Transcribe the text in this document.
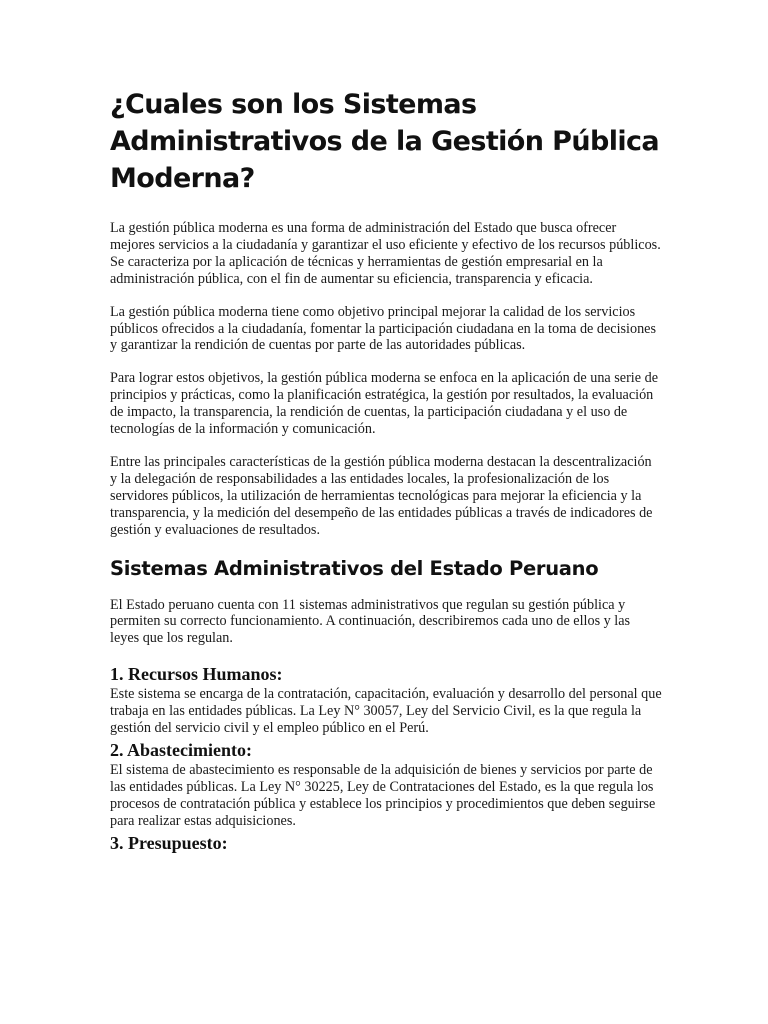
¿Cuales son los Sistemas Administrativos de la Gestión Pública Moderna?

La gestión pública moderna es una forma de administración del Estado que busca ofrecer mejores servicios a la ciudadanía y garantizar el uso eficiente y efectivo de los recursos públicos. Se caracteriza por la aplicación de técnicas y herramientas de gestión empresarial en la administración pública, con el fin de aumentar su eficiencia, transparencia y eficacia.

La gestión pública moderna tiene como objetivo principal mejorar la calidad de los servicios públicos ofrecidos a la ciudadanía, fomentar la participación ciudadana en la toma de decisiones y garantizar la rendición de cuentas por parte de las autoridades públicas.

Para lograr estos objetivos, la gestión pública moderna se enfoca en la aplicación de una serie de principios y prácticas, como la planificación estratégica, la gestión por resultados, la evaluación de impacto, la transparencia, la rendición de cuentas, la participación ciudadana y el uso de tecnologías de la información y comunicación.

Entre las principales características de la gestión pública moderna destacan la descentralización y la delegación de responsabilidades a las entidades locales, la profesionalización de los servidores públicos, la utilización de herramientas tecnológicas para mejorar la eficiencia y la transparencia, y la medición del desempeño de las entidades públicas a través de indicadores de gestión y evaluaciones de resultados.

Sistemas Administrativos del Estado Peruano

El Estado peruano cuenta con 11 sistemas administrativos que regulan su gestión pública y permiten su correcto funcionamiento. A continuación, describiremos cada uno de ellos y las leyes que los regulan.

1. Recursos Humanos:

Este sistema se encarga de la contratación, capacitación, evaluación y desarrollo del personal que trabaja en las entidades públicas. La Ley N° 30057, Ley del Servicio Civil, es la que regula la gestión del servicio civil y el empleo público en el Perú.

2. Abastecimiento:

El sistema de abastecimiento es responsable de la adquisición de bienes y servicios por parte de las entidades públicas. La Ley N° 30225, Ley de Contrataciones del Estado, es la que regula los procesos de contratación pública y establece los principios y procedimientos que deben seguirse para realizar estas adquisiciones.

3. Presupuesto:
